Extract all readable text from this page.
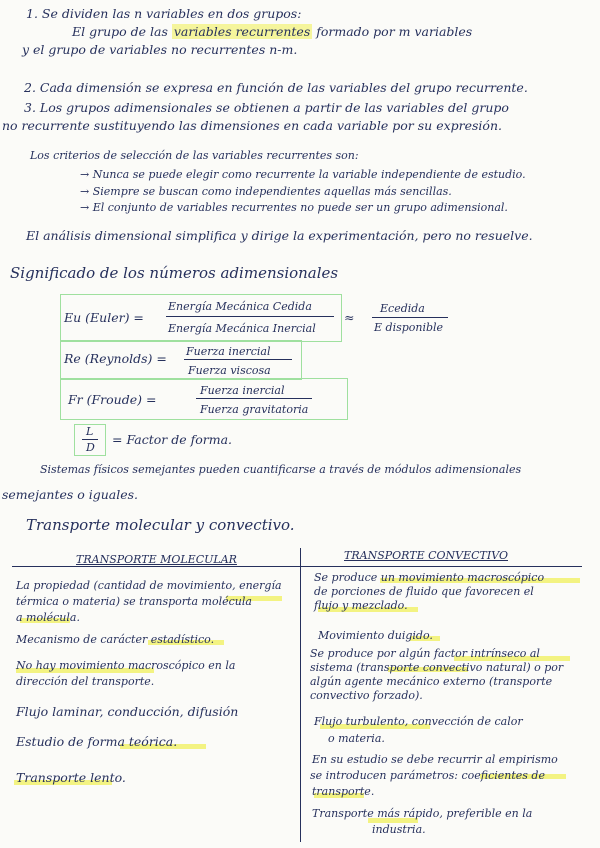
1. Se dividen las n variables en dos grupos:
El grupo de las variables recurrentes formado por m variables
y el grupo de variables no recurrentes n-m.
2. Cada dimensión se expresa en función de las variables del grupo recurrente.
3. Los grupos adimensionales se obtienen a partir de las variables del grupo
no recurrente sustituyendo las dimensiones en cada variable por su expresión.
Los criterios de selección de las variables recurrentes son:
→ Nunca se puede elegir como recurrente la variable independiente de estudio.
→ Siempre se buscan como independientes aquellas más sencillas.
→ El conjunto de variables recurrentes no puede ser un grupo adimensional.
El análisis dimensional simplifica y dirige la experimentación, pero no resuelve.
Significado de los números adimensionales
Eu (Euler) =
Energía Mecánica Cedida
Energía Mecánica Inercial
≈
Ecedida
E disponible
Re (Reynolds) = Fuerza inercial
Fuerza viscosa
Fr (Froude) =
Fuerza inercial
Fuerza gravitatoria
L
D
= Factor de forma.
Sistemas físicos semejantes pueden cuantificarse a través de módulos adimensionales
semejantes o iguales.
Transporte molecular y convectivo.
TRANSPORTE MOLECULAR	TRANSPORTE CONVECTIVO
La propiedad (cantidad de movimiento, energía
térmica o materia) se transporta molécula
a molécula.
Mecanismo de carácter estadístico.
No hay movimiento macroscópico en la
dirección del transporte.
Flujo laminar, conducción, difusión
Estudio de forma teórica.
Transporte lento.
Se produce un movimiento macroscópico
de porciones de fluido que favorecen el
flujo y mezclado.
Movimiento duigido.
Se produce por algún factor intrínseco al
sistema (transporte convectivo natural) o por
algún agente mecánico externo (transporte
convectivo forzado).
Flujo turbulento, convección de calor
o materia.
En su estudio se debe recurrir al empirismo
se introducen parámetros: coeficientes de
transporte.
Transporte más rápido, preferible en la
industria.
